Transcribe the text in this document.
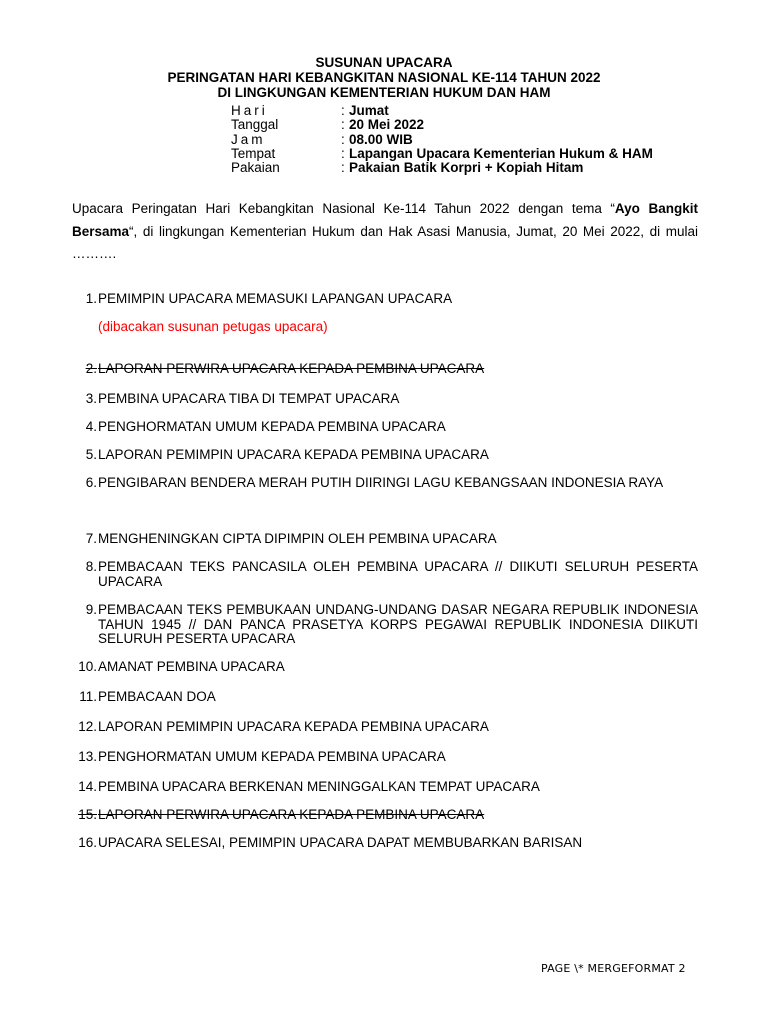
SUSUNAN UPACARA
PERINGATAN HARI KEBANGKITAN NASIONAL KE-114 TAHUN 2022
DI LINGKUNGAN KEMENTERIAN HUKUM DAN HAM
Hari	: Jumat
Tanggal	: 20 Mei 2022
Jam	: 08.00 WIB
Tempat	: Lapangan Upacara Kementerian Hukum & HAM
Pakaian	: Pakaian Batik Korpri + Kopiah Hitam
Upacara Peringatan Hari Kebangkitan Nasional Ke-114 Tahun 2022 dengan tema “Ayo Bangkit Bersama“, di lingkungan Kementerian Hukum dan Hak Asasi Manusia, Jumat, 20 Mei 2022, di mulai ……….
1. PEMIMPIN UPACARA MEMASUKI LAPANGAN UPACARA
(dibacakan susunan petugas upacara)
2. LAPORAN PERWIRA UPACARA KEPADA PEMBINA UPACARA
3. PEMBINA UPACARA TIBA DI TEMPAT UPACARA
4. PENGHORMATAN UMUM KEPADA PEMBINA UPACARA
5. LAPORAN PEMIMPIN UPACARA KEPADA PEMBINA UPACARA
6. PENGIBARAN BENDERA MERAH PUTIH DIIRINGI LAGU KEBANGSAAN INDONESIA RAYA
7. MENGHENINGKAN CIPTA DIPIMPIN OLEH PEMBINA UPACARA
8. PEMBACAAN TEKS PANCASILA OLEH PEMBINA UPACARA // DIIKUTI SELURUH PESERTA UPACARA
9. PEMBACAAN TEKS PEMBUKAAN UNDANG-UNDANG DASAR NEGARA REPUBLIK INDONESIA TAHUN 1945 // DAN PANCA PRASETYA KORPS PEGAWAI REPUBLIK INDONESIA DIIKUTI SELURUH PESERTA UPACARA
10. AMANAT PEMBINA UPACARA
11. PEMBACAAN DOA
12. LAPORAN PEMIMPIN UPACARA KEPADA PEMBINA UPACARA
13. PENGHORMATAN UMUM KEPADA PEMBINA UPACARA
14. PEMBINA UPACARA BERKENAN MENINGGALKAN TEMPAT UPACARA
15. LAPORAN PERWIRA UPACARA KEPADA PEMBINA UPACARA
16. UPACARA SELESAI, PEMIMPIN UPACARA DAPAT MEMBUBARKAN BARISAN
PAGE \* MERGEFORMAT 2
